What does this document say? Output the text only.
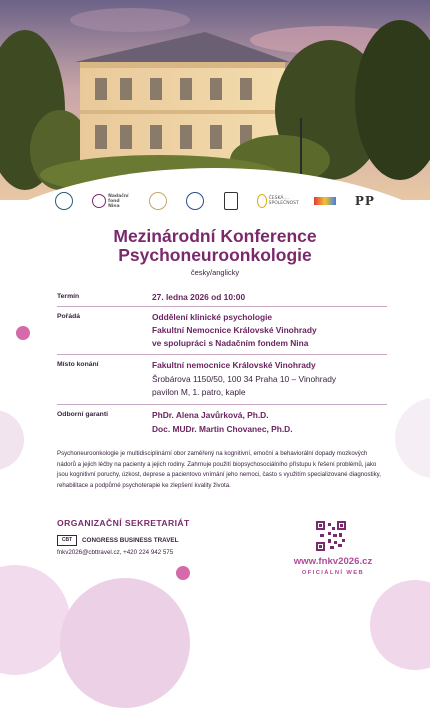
Nadační fond Nina
ČESKÁ ... SPOLEČNOST	PP
Mezinárodní Konference
Psychoneuroonkologie
česky/anglicky
Termín	27. ledna 2026 od 10:00
Pořádá	Oddělení klinické psychologie
Fakultní Nemocnice Královské Vinohrady
ve spolupráci s Nadačním fondem Nina
Místo konání	Fakultní nemocnice Královské Vinohrady
Šrobárova 1150/50, 100 34 Praha 10 – Vinohrady
pavilon M, 1. patro, kaple
Odborní garanti	PhDr. Alena Javůrková, Ph.D.
Doc. MUDr. Martin Chovanec, Ph.D.
Psychoneuroonkologie je multidisciplinární obor zaměřený na kognitivní, emoční a behaviorální dopady mozkových nádorů a jejich léčby na pacienty a jejich rodiny. Zahrnuje použití biopsychosociálního přístupu k řešení problémů, jako jsou kognitivní poruchy, úzkost, deprese a pacientovo vnímání jeho nemoci, často s využitím specializované diagnostiky, rehabilitace a podpůrné psychoterapie ke zlepšení kvality života.
ORGANIZAČNÍ SEKRETARIÁT
CBT	CONGRESS BUSINESS TRAVEL
fnkv2026@cbttravel.cz, +420 224 942 575
www.fnkv2026.cz
OFICIÁLNÍ WEB
